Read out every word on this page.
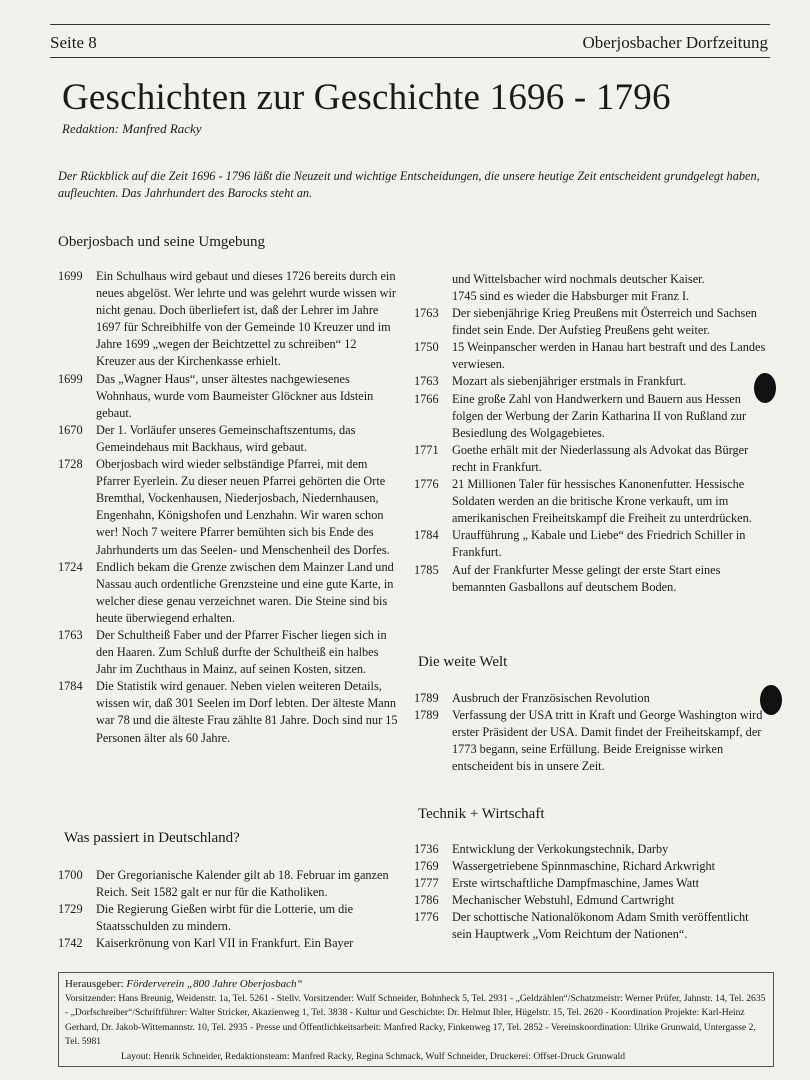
Seite 8	Oberjosbacher Dorfzeitung
Geschichten zur Geschichte 1696 - 1796
Redaktion: Manfred Racky
Der Rückblick auf die Zeit 1696 - 1796 läßt die Neuzeit und wichtige Entscheidungen, die unsere heutige Zeit entscheident grundgelegt haben, aufleuchten. Das Jahrhundert des Barocks steht an.
Oberjosbach und seine Umgebung
1699	Ein Schulhaus wird gebaut und dieses 1726 bereits durch ein neues abgelöst. Wer lehrte und was gelehrt wurde wissen wir nicht genau. Doch überliefert ist, daß der Lehrer im Jahre 1697 für Schreibhilfe von der Gemeinde 10 Kreuzer und im Jahre 1699 „wegen der Beichtzettel zu schreiben“ 12 Kreuzer aus der Kirchenkasse erhielt.
1699	Das „Wagner Haus“, unser ältestes nachgewiesenes Wohnhaus, wurde vom Baumeister Glöckner aus Idstein gebaut.
1670	Der 1. Vorläufer unseres Gemeinschaftszentums, das Gemeindehaus mit Backhaus, wird gebaut.
1728	Oberjosbach wird wieder selbständige Pfarrei, mit dem Pfarrer Eyerlein. Zu dieser neuen Pfarrei gehörten die Orte Bremthal, Vockenhausen, Niederjosbach, Niedernhausen, Engenhahn, Königshofen und Lenzhahn. Wir waren schon wer! Noch 7 weitere Pfarrer bemühten sich bis Ende des Jahrhunderts um das Seelen- und Menschenheil des Dorfes.
1724	Endlich bekam die Grenze zwischen dem Mainzer Land und Nassau auch ordentliche Grenzsteine und eine gute Karte, in welcher diese genau verzeichnet waren. Die Steine sind bis heute überwiegend erhalten.
1763	Der Schultheiß Faber und der Pfarrer Fischer liegen sich in den Haaren. Zum Schluß durfte der Schultheiß ein halbes Jahr im Zuchthaus in Mainz, auf seinen Kosten, sitzen.
1784	Die Statistik wird genauer. Neben vielen weiteren Details, wissen wir, daß 301 Seelen im Dorf lebten. Der älteste Mann war 78 und die älteste Frau zählte 81 Jahre. Doch sind nur 15 Personen älter als 60 Jahre.
Was passiert in Deutschland?
1700	Der Gregorianische Kalender gilt ab 18. Februar im ganzen Reich. Seit 1582 galt er nur für die Katholiken.
1729	Die Regierung Gießen wirbt für die Lotterie, um die Staatsschulden zu mindern.
1742	Kaiserkrönung von Karl VII in Frankfurt. Ein Bayer
und Wittelsbacher wird nochmals deutscher Kaiser.
1745 sind es wieder die Habsburger mit Franz I.
1763	Der siebenjährige Krieg Preußens mit Österreich und Sachsen findet sein Ende. Der Aufstieg Preußens geht weiter.
1750	15 Weinpanscher werden in Hanau hart bestraft und des Landes verwiesen.
1763	Mozart als siebenjähriger erstmals in Frankfurt.
1766	Eine große Zahl von Handwerkern und Bauern aus Hessen folgen der Werbung der Zarin Katharina II von Rußland zur Besiedlung des Wolgagebietes.
1771	Goethe erhält mit der Niederlassung als Advokat das Bürger recht in Frankfurt.
1776	21 Millionen Taler für hessisches Kanonenfutter. Hessische Soldaten werden an die britische Krone verkauft, um im amerikanischen Freiheitskampf die Freiheit zu unterdrücken.
1784	Uraufführung „ Kabale und Liebe“ des Friedrich Schiller in Frankfurt.
1785	Auf der Frankfurter Messe gelingt der erste Start eines bemannten Gasballons auf deutschem Boden.
Die weite Welt
1789	Ausbruch der Französischen Revolution
1789	Verfassung der USA tritt in Kraft und George Washington wird erster Präsident der USA. Damit findet der Freiheitskampf, der 1773 begann, seine Erfüllung. Beide Ereignisse wirken entscheident bis in unsere Zeit.
Technik + Wirtschaft
1736	Entwicklung der Verkokungstechnik, Darby
1769	Wassergetriebene Spinnmaschine, Richard Arkwright
1777	Erste wirtschaftliche Dampfmaschine, James Watt
1786	Mechanischer Webstuhl, Edmund Cartwright
1776	Der schottische Nationalökonom Adam Smith veröffentlicht sein Hauptwerk „Vom Reichtum der Nationen“.
Herausgeber: Förderverein „800 Jahre Oberjosbach“
Vorsitzender: Hans Breunig, Weidenstr. 1a, Tel. 5261 - Stellv. Vorsitzender: Wulf Schneider, Bohnheck 5, Tel. 2931 - „Geldzählen“/Schatzmeistr: Werner Prüfer, Jahnstr. 14, Tel. 2635 - „Dorfschreiber“/Schriftführer: Walter Stricker, Akazienweg 1, Tel. 3838 - Kultur und Geschichte: Dr. Helmut Ibler, Hügelstr. 15, Tel. 2620 - Koordination Projekte: Karl-Heinz Gerhard, Dr. Jakob-Wittemannstr. 10, Tel. 2935 - Presse und Öffentlichkeitsarbeit: Manfred Racky, Finkenweg 17, Tel. 2852 - Vereinskoordination: Ulrike Grunwald, Untergasse 2, Tel. 5981
Layout: Henrik Schneider, Redaktionsteam: Manfred Racky, Regina Schmack, Wulf Schneider, Druckerei: Offset-Druck Grunwald
